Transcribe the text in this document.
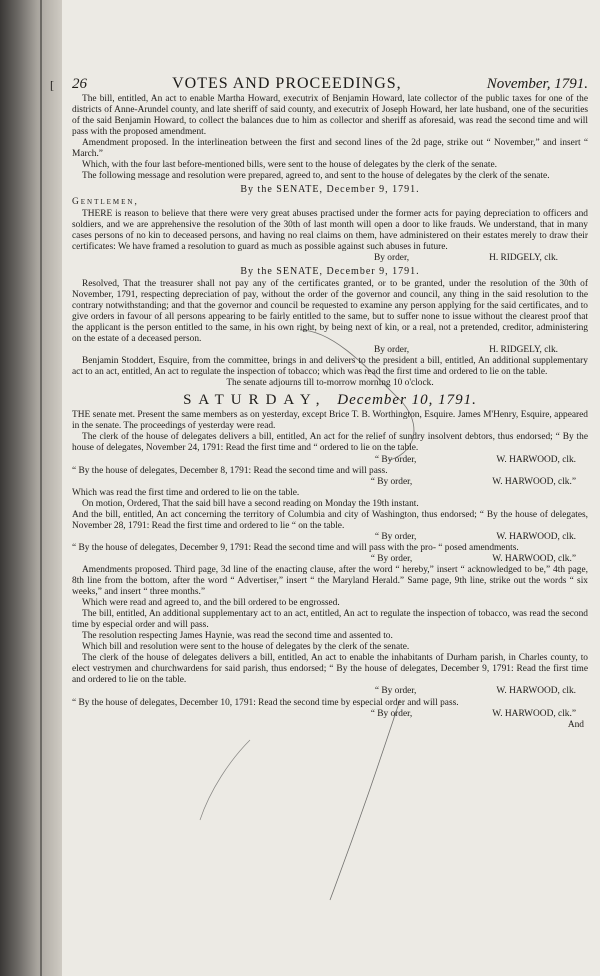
[ 26	VOTES AND PROCEEDINGS,	November, 1791.

The bill, entitled, An act to enable Martha Howard, executrix of Benjamin Howard, late collector of the public taxes for one of the districts of Anne-Arundel county, and late sheriff of said county, and executrix of Joseph Howard, her late husband, one of the securities of the said Benjamin Howard, to collect the balances due to him as collector and sheriff as aforesaid, was read the second time and will pass with the proposed amendment.

Amendment proposed. In the interlineation between the first and second lines of the 2d page, strike out “ November,” and insert “ March.”

Which, with the four last before-mentioned bills, were sent to the house of delegates by the clerk of the senate.

The following message and resolution were prepared, agreed to, and sent to the house of delegates by the clerk of the senate.

By the SENATE, December 9, 1791.

Gentlemen,

THERE is reason to believe that there were very great abuses practised under the former acts for paying depreciation to officers and soldiers, and we are apprehensive the resolution of the 30th of last month will open a door to like frauds. We understand, that in many cases persons of no kin to deceased persons, and having no real claims on them, have administered on their estates merely to draw their certificates: We have framed a resolution to guard as much as possible against such abuses in future.

By order,	H. RIDGELY, clk.
By the SENATE, December 9, 1791.

Resolved, That the treasurer shall not pay any of the certificates granted, or to be granted, under the resolution of the 30th of November, 1791, respecting depreciation of pay, without the order of the governor and council, any thing in the said resolution to the contrary notwithstanding; and that the governor and council be requested to examine any person applying for the said certificates, and to give orders in favour of all persons appearing to be fairly entitled to the same, but to suffer none to issue without the clearest proof that the applicant is the person entitled to the same, in his own right, by being next of kin, or a real, not a pretended, creditor, administering on the estate of a deceased person.

By order,	H. RIDGELY, clk.

Benjamin Stoddert, Esquire, from the committee, brings in and delivers to the president a bill, entitled, An additional supplementary act to an act, entitled, An act to regulate the inspection of tobacco; which was read the first time and ordered to lie on the table.

The senate adjourns till to-morrow morning 10 o'clock.

SATURDAY, December 10, 1791.

THE senate met. Present the same members as on yesterday, except Brice T. B. Worthington, Esquire. James M'Henry, Esquire, appeared in the senate. The proceedings of yesterday were read.

The clerk of the house of delegates delivers a bill, entitled, An act for the relief of sundry insolvent debtors, thus endorsed; “ By the house of delegates, November 24, 1791: Read the first time and “ ordered to lie on the table.

“ By order,	W. HARWOOD, clk.

“ By the house of delegates, December 8, 1791: Read the second time and will pass.

“ By order,	W. HARWOOD, clk.”

Which was read the first time and ordered to lie on the table.

On motion, Ordered, That the said bill have a second reading on Monday the 19th instant.

And the bill, entitled, An act concerning the territory of Columbia and city of Washington, thus endorsed; “ By the house of delegates, November 28, 1791: Read the first time and ordered to lie “ on the table.

“ By order,	W. HARWOOD, clk.

“ By the house of delegates, December 9, 1791: Read the second time and will pass with the pro- “ posed amendments.

“ By order,	W. HARWOOD, clk.”

Amendments proposed. Third page, 3d line of the enacting clause, after the word “ hereby,” insert “ acknowledged to be,” 4th page, 8th line from the bottom, after the word “ Advertiser,” insert “ the Maryland Herald.” Same page, 9th line, strike out the words “ six weeks,” and insert “ three months.”

Which were read and agreed to, and the bill ordered to be engrossed.

The bill, entitled, An additional supplementary act to an act, entitled, An act to regulate the inspection of tobacco, was read the second time by especial order and will pass.

The resolution respecting James Haynie, was read the second time and assented to.

Which bill and resolution were sent to the house of delegates by the clerk of the senate.

The clerk of the house of delegates delivers a bill, entitled, An act to enable the inhabitants of Durham parish, in Charles county, to elect vestrymen and churchwardens for said parish, thus endorsed; “ By the house of delegates, December 9, 1791: Read the first time and ordered to lie on the table.

“ By order,	W. HARWOOD, clk.

“ By the house of delegates, December 10, 1791: Read the second time by especial order and will pass.

“ By order,	W. HARWOOD, clk.”
And
